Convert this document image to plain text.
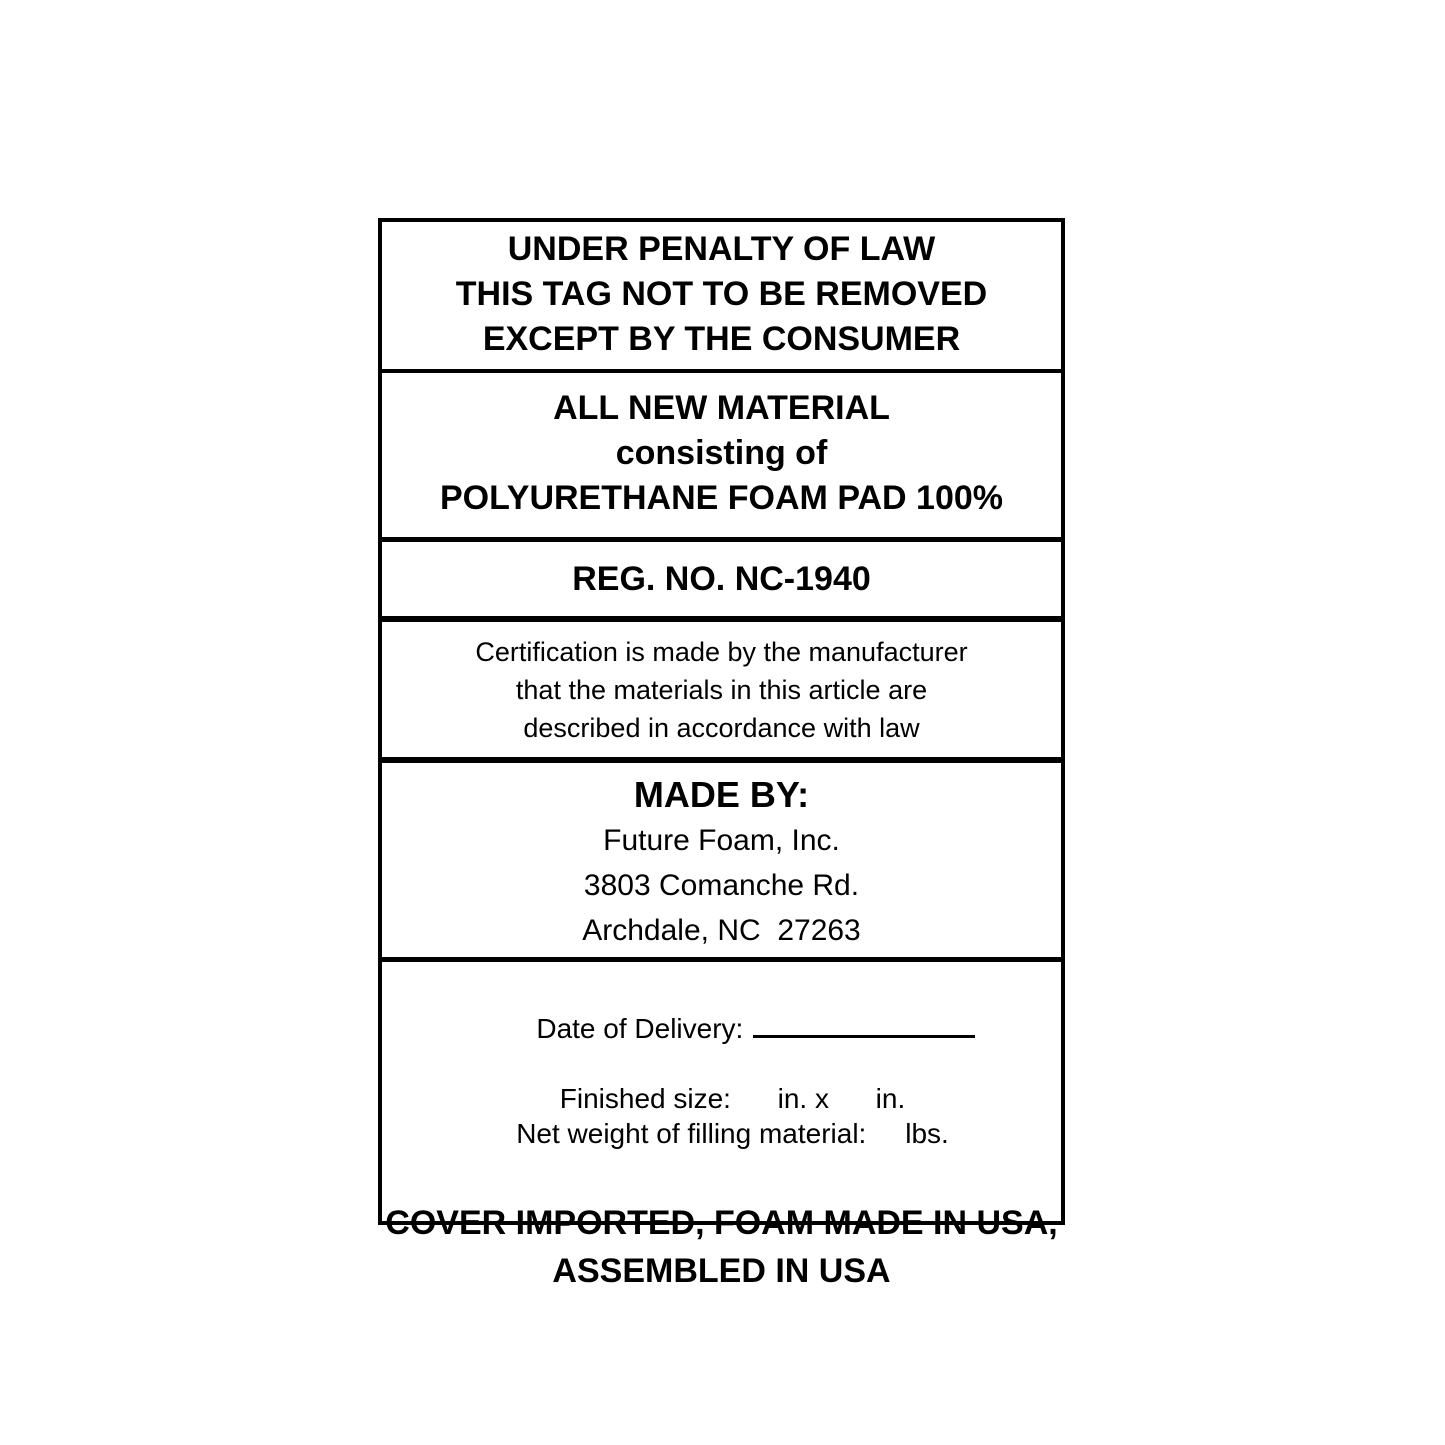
UNDER PENALTY OF LAW
THIS TAG NOT TO BE REMOVED
EXCEPT BY THE CONSUMER
ALL NEW MATERIAL
consisting of
POLYURETHANE FOAM PAD 100%
REG. NO. NC-1940
Certification is made by the manufacturer
that the materials in this article are
described in accordance with law
MADE BY:
Future Foam, Inc.
3803 Comanche Rd.
Archdale, NC  27263

Date of Delivery:

Finished size:      in. x      in.
Net weight of filling material:     lbs.
COVER IMPORTED, FOAM MADE IN USA,
ASSEMBLED IN USA
